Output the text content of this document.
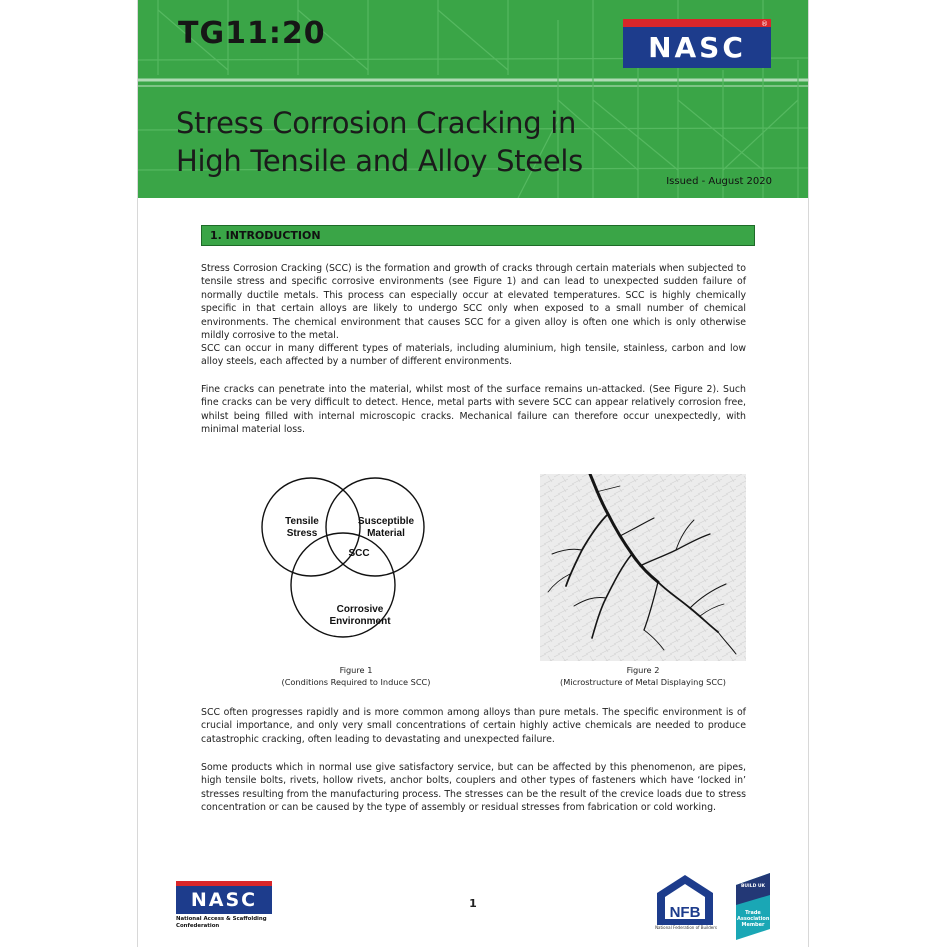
TG11:20	NASC
®
Stress Corrosion Cracking in
High Tensile and Alloy Steels
Issued - August 2020
1. INTRODUCTION

Stress Corrosion Cracking (SCC) is the formation and growth of cracks through certain materials when subjected to tensile stress and specific corrosive environments (see Figure 1) and can lead to unexpected sudden failure of normally ductile metals. This process can especially occur at elevated temperatures. SCC is highly chemically specific in that certain alloys are likely to undergo SCC only when exposed to a small number of chemical environments. The chemical environment that causes SCC for a given alloy is often one which is only otherwise mildly corrosive to the metal.

SCC can occur in many different types of materials, including aluminium, high tensile, stainless, carbon and low alloy steels, each affected by a number of different environments.

Fine cracks can penetrate into the material, whilst most of the surface remains un-attacked. (See Figure 2). Such fine cracks can be very difficult to detect. Hence, metal parts with severe SCC can appear relatively corrosion free, whilst being filled with internal microscopic cracks. Mechanical failure can therefore occur unexpectedly, with minimal material loss.

Tensile
Stress
Susceptible
Material
Corrosive
Environment
SCC
Figure 1
(Conditions Required to Induce SCC)
Figure 2
(Microstructure of Metal Displaying SCC)

SCC often progresses rapidly and is more common among alloys than pure metals. The specific environment is of crucial importance, and only very small concentrations of certain highly active chemicals are needed to produce catastrophic cracking, often leading to devastating and unexpected failure.

Some products which in normal use give satisfactory service, but can be affected by this phenomenon, are pipes, high tensile bolts, rivets, hollow rivets, anchor bolts, couplers and other types of fasteners which have ‘locked in’ stresses resulting from the manufacturing process. The stresses can be the result of the crevice loads due to stress concentration or can be caused by the type of assembly or residual stresses from fabrication or cold working.

NASC
National Access & Scaffolding
Confederation
1
NFB
National Federation of Builders
BUILD UK
Trade
Association
Member
